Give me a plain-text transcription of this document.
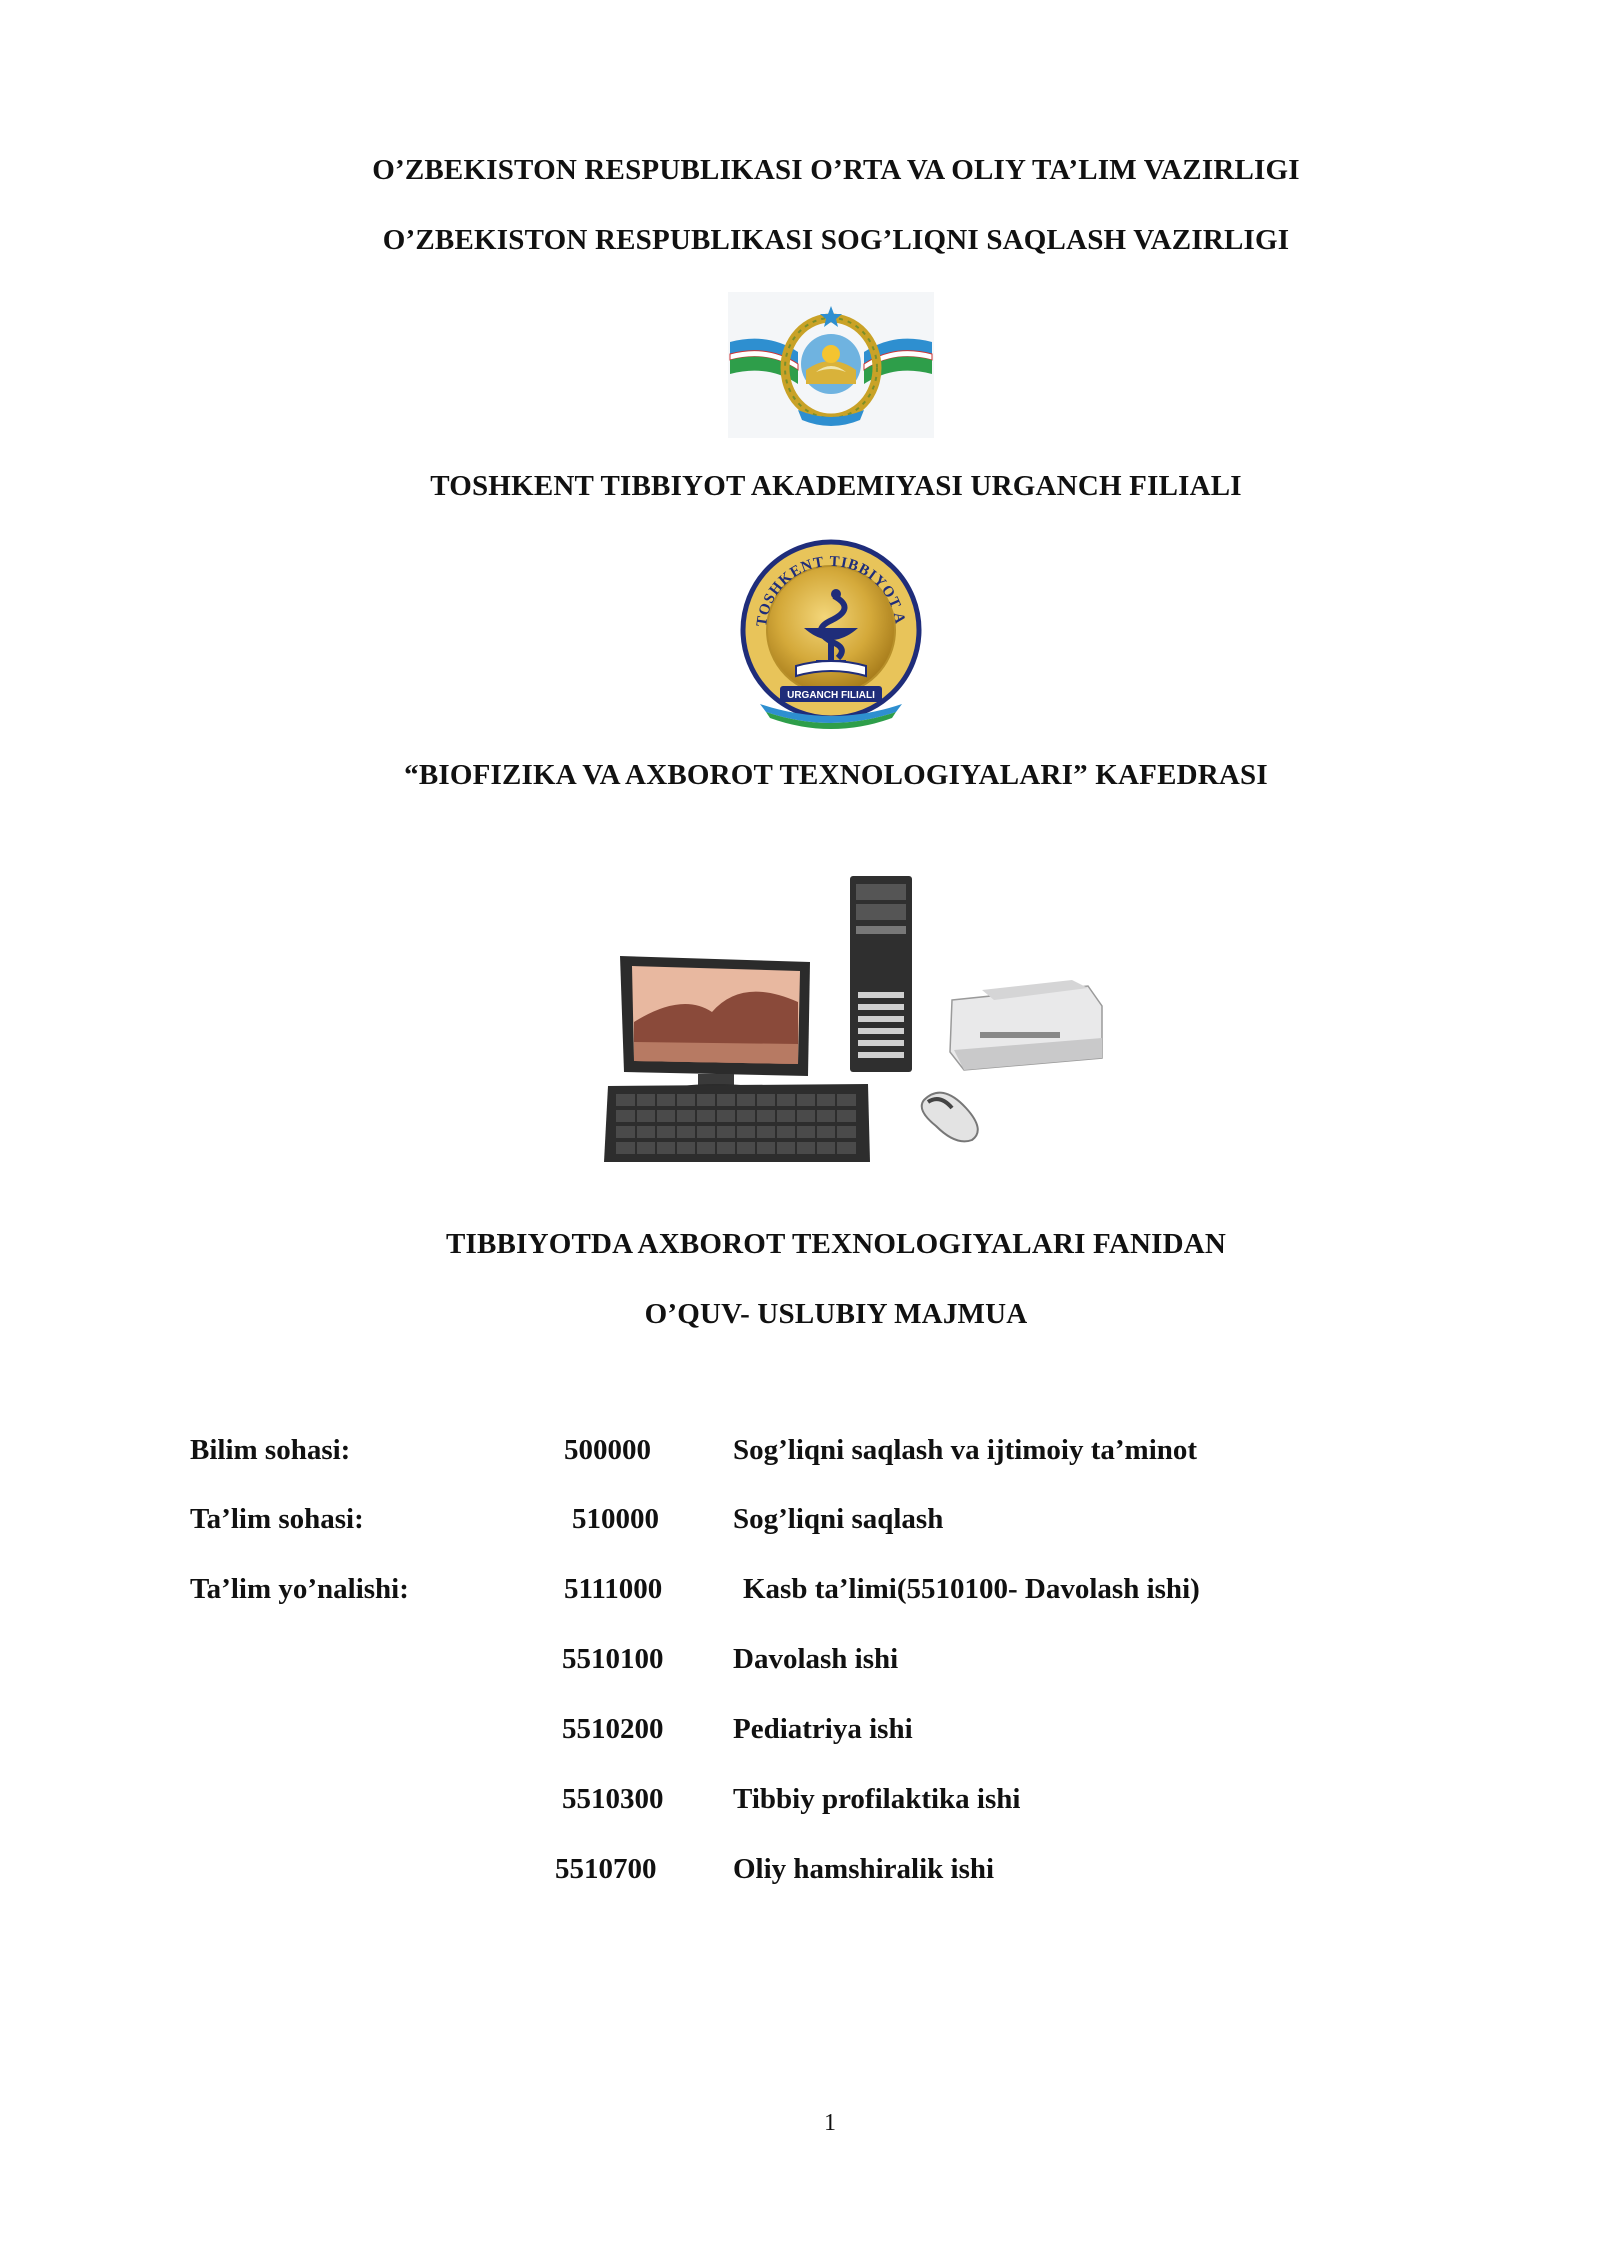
O’ZBEKISTON RESPUBLIKASI O’RTA VA OLIY TA’LIM VAZIRLIGI
O’ZBEKISTON RESPUBLIKASI SOG’LIQNI SAQLASH VAZIRLIGI
TOSHKENT TIBBIYOT AKADEMIYASI URGANCH FILIALI
TOSHKENT TIBBIYOT A
URGANCH FILIALI
“BIOFIZIKA VA AXBOROT TEXNOLOGIYALARI” KAFEDRASI
TIBBIYOTDA AXBOROT TEXNOLOGIYALARI FANIDAN
O’QUV- USLUBIY MAJMUA
Bilim sohasi:	500000	Sog’liqni saqlash va ijtimoiy ta’minot
Ta’lim sohasi:	510000	Sog’liqni saqlash
Ta’lim yo’nalishi:	5111000	Kasb ta’limi(5510100- Davolash ishi)
5510100 Davolash ishi
5510200 Pediatriya ishi
5510300 Tibbiy profilaktika ishi
5510700	Oliy hamshiralik ishi
1
